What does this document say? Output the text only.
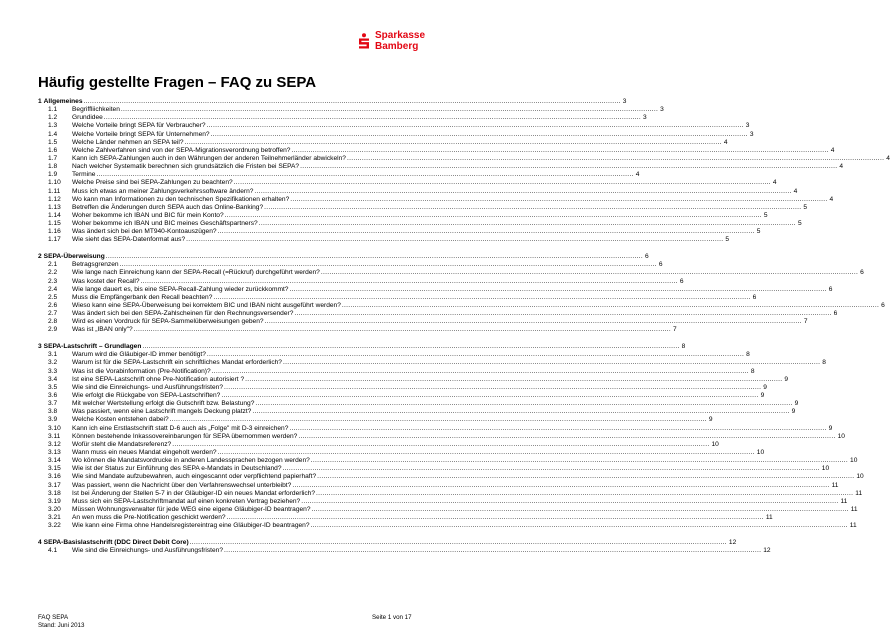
Sparkasse
Bamberg
Häufig gestellte Fragen – FAQ zu SEPA
1 Allgemeines .....	3
1.1	Begriffliichkeiten .....	3
1.2	Grundidee .....	3
1.3	Welche Vorteile bringt SEPA für Verbraucher? .....	3
1.4	Welche Vorteile bringt SEPA für Unternehmen? .....	3
1.5	Welche Länder nehmen an SEPA teil? .....	4
1.6	Welche Zahlverfahren sind von der SEPA-Migrationsverordnung betroffen? .....	4
1.7	Kann ich SEPA-Zahlungen auch in den Währungen der anderen Teilnehmerländer abwickeln? .....	4
1.8	Nach welcher Systematik berechnen sich grundsätzlich die Fristen bei SEPA? .....	4
1.9	Termine .....	4
1.10	Welche Preise sind bei SEPA-Zahlungen zu beachten? .....	4
1.11	Muss ich etwas an meiner Zahlungsverkehrssoftware ändern? .....	4
1.12	Wo kann man Informationen zu den technischen Spezifikationen erhalten? .....	4
1.13	Betreffen die Änderungen durch SEPA auch das Online-Banking? .....	5
1.14	Woher bekomme ich IBAN und BIC für mein Konto? .....	5
1.15	Woher bekomme ich IBAN und BIC meines Geschäftspartners? .....	5
1.16	Was ändert sich bei den MT940-Kontoauszügen? .....	5
1.17	Wie sieht das SEPA-Datenformat aus? .....	5
2 SEPA-Überweisung .....	6
2.1	Betragsgrenzen .....	6
2.2	Wie lange nach Einreichung kann der SEPA-Recall (=Rückruf) durchgeführt werden? .....	6
2.3	Was kostet der Recall? .....	6
2.4	Wie lange dauert es, bis eine SEPA-Recall-Zahlung wieder zurückkommt? .....	6
2.5	Muss die Empfängerbank den Recall beachten? .....	6
2.6	Wieso kann eine SEPA-Überweisung bei korrektem BIC und IBAN nicht ausgeführt werden? .....	6
2.7	Was ändert sich bei den SEPA-Zahlscheinen für den Rechnungsversender? .....	6
2.8	Wird es einen Vordruck für SEPA-Sammelüberweisungen geben? .....	7
2.9	Was ist „IBAN only"? .....	7
3 SEPA-Lastschrift – Grundlagen .....	8
3.1	Warum wird die Gläubiger-ID immer benötigt? .....	8
3.2	Warum ist für die SEPA-Lastschrift ein schriftliches Mandat erforderlich? .....	8
3.3	Was ist die Vorabinformation (Pre-Notification)? .....	8
3.4	Ist eine SEPA-Lastschrift ohne Pre-Notification autorisiert ? .....	9
3.5	Wie sind die Einreichungs- und Ausführungsfristen? .....	9
3.6	Wie erfolgt die Rückgabe von SEPA-Lastschriften? .....	9
3.7	Mit welcher Wertstellung erfolgt die Gutschrift bzw. Belastung? .....	9
3.8	Was passiert, wenn eine Lastschrift mangels Deckung platzt? .....	9
3.9	Welche Kosten entstehen dabei? .....	9
3.10	Kann ich eine Erstlastschrift statt D-6 auch als „Folge" mit D-3 einreichen? .....	9
3.11	Können bestehende Inkassovereinbarungen für SEPA übernommen werden? .....	10
3.12	Wofür steht die Mandatsreferenz? .....	10
3.13	Wann muss ein neues Mandat eingeholt werden? .....	10
3.14	Wo können die Mandatsvordrucke in anderen Landessprachen bezogen werden? .....	10
3.15	Wie ist der Status zur Einführung des SEPA e-Mandats in Deutschland? .....	10
3.16	Wie sind Mandate aufzubewahren, auch eingescannt oder verpflichtend papierhaft? .....	10
3.17	Was passiert, wenn die Nachricht über den Verfahrenswechsel unterbleibt? .....	11
3.18	Ist bei Änderung der Stellen 5-7 in der Gläubiger-ID ein neues Mandat erforderlich? .....	11
3.19	Muss sich ein SEPA-Lastschriftmandat auf einen konkreten Vertrag beziehen? .....	11
3.20	Müssen Wohnungsverwalter für jede WEG eine eigene Gläubiger-ID beantragen? .....	11
3.21	An wen muss die Pre-Notification geschickt werden? .....	11
3.22	Wie kann eine Firma ohne Handelsregistereintrag eine Gläubiger-ID beantragen? .....	11
4 SEPA-Basislastschrift (DDC Direct Debit Core) .....	12
4.1	Wie sind die Einreichungs- und Ausführungsfristen? .....	12
FAQ SEPA
Stand: Juni 2013
Seite 1 von 17
